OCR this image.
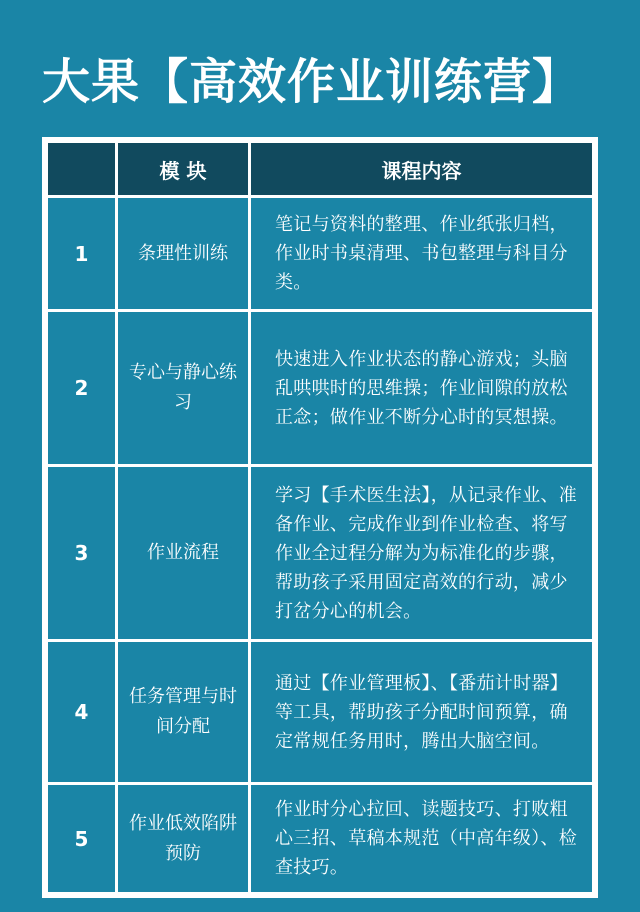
大果【高效作业训练营】
	模 块	课程内容
1	条理性训练	笔记与资料的整理、作业纸张归档，作业时书桌清理、书包整理与科目分类。
2	专心与静心练习	快速进入作业状态的静心游戏；头脑乱哄哄时的思维操；作业间隙的放松正念；做作业不断分心时的冥想操。
3	作业流程	学习【手术医生法】，从记录作业、准备作业、完成作业到作业检查、将写作业全过程分解为为标准化的步骤，帮助孩子采用固定高效的行动，减少打岔分心的机会。
4	任务管理与时间分配	通过【作业管理板】、【番茄计时器】等工具，帮助孩子分配时间预算，确定常规任务用时，腾出大脑空间。
5	作业低效陷阱预防	作业时分心拉回、读题技巧、打败粗心三招、草稿本规范（中高年级）、检查技巧。
